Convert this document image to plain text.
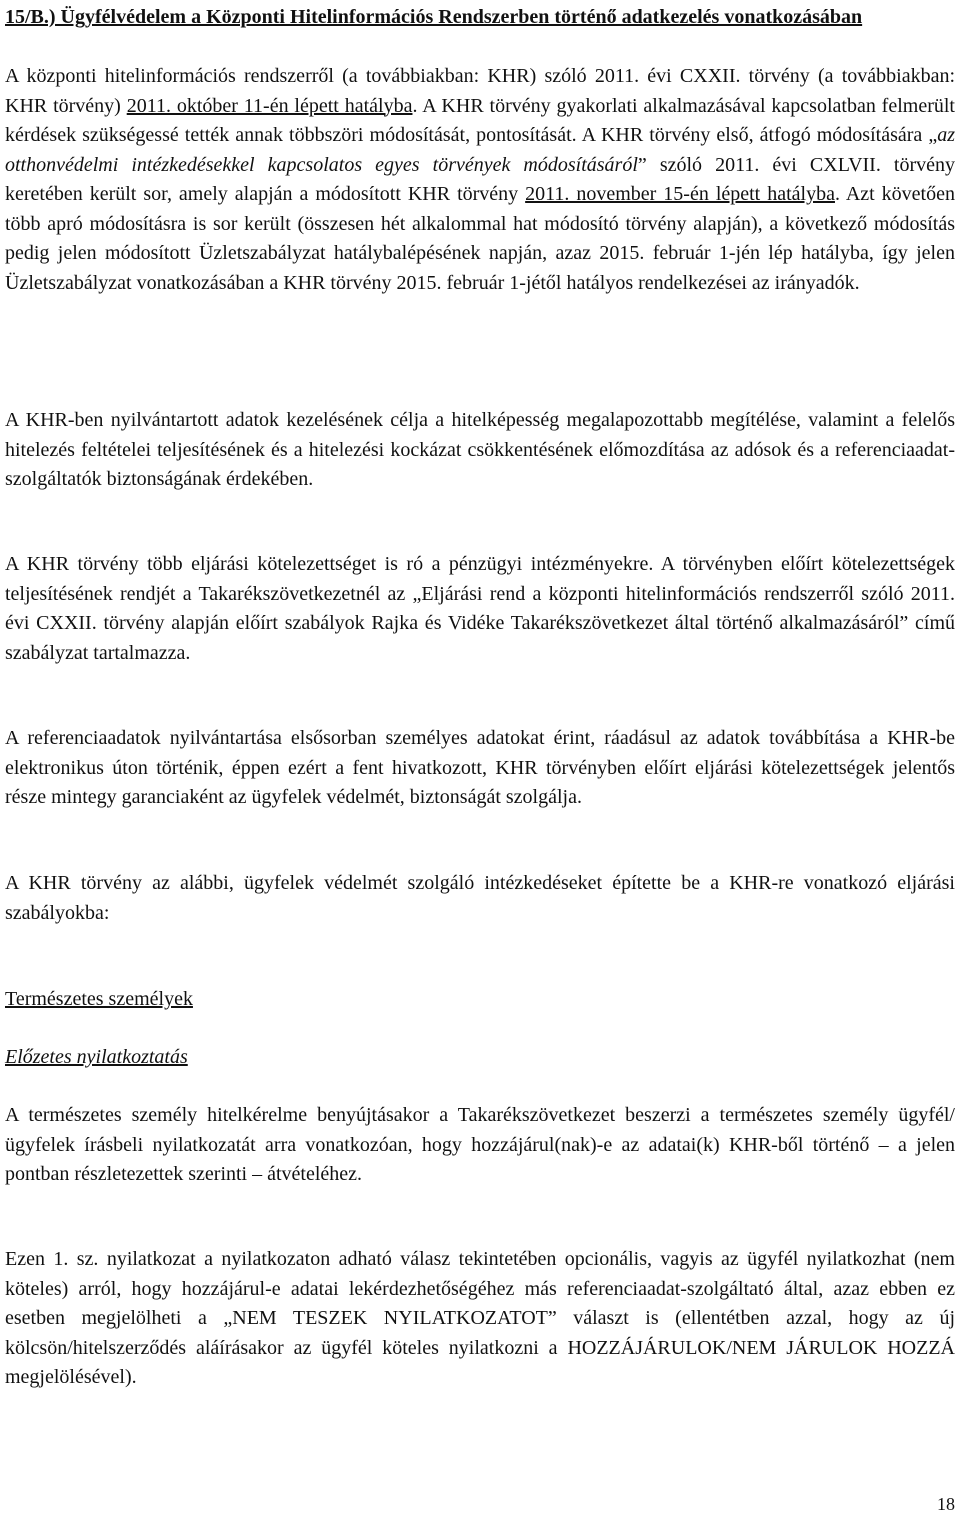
15/B.) Ügyfélvédelem a Központi Hitelinformációs Rendszerben történő adatkezelés vonatkozásában
A központi hitelinformációs rendszerről (a továbbiakban: KHR) szóló 2011. évi CXXII. törvény (a továbbiakban: KHR törvény) 2011. október 11-én lépett hatályba. A KHR törvény gyakorlati alkalmazásával kapcsolatban felmerült kérdések szükségessé tették annak többszöri módosítását, pontosítását. A KHR törvény első, átfogó módosítására „az otthonvédelmi intézkedésekkel kapcsolatos egyes törvények módosításáról” szóló 2011. évi CXLVII. törvény keretében került sor, amely alapján a módosított KHR törvény 2011. november 15-én lépett hatályba. Azt követően több apró módosításra is sor került (összesen hét alkalommal hat módosító törvény alapján), a következő módosítás pedig jelen módosított Üzletszabályzat hatálybalépésének napján, azaz 2015. február 1-jén lép hatályba, így jelen Üzletszabályzat vonatkozásában a KHR törvény 2015. február 1-jétől hatályos rendelkezései az irányadók.
A KHR-ben nyilvántartott adatok kezelésének célja a hitelképesség megalapozottabb megítélése, valamint a felelős hitelezés feltételei teljesítésének és a hitelezési kockázat csökkentésének előmozdítása az adósok és a referenciaadat-szolgáltatók biztonságának érdekében.
A KHR törvény több eljárási kötelezettséget is ró a pénzügyi intézményekre. A törvényben előírt kötelezettségek teljesítésének rendjét a Takarékszövetkezetnél az „Eljárási rend a központi hitelinformációs rendszerről szóló 2011. évi CXXII. törvény alapján előírt szabályok Rajka és Vidéke Takarékszövetkezet által történő alkalmazásáról” című szabályzat tartalmazza.
A referenciaadatok nyilvántartása elsősorban személyes adatokat érint, ráadásul az adatok továbbítása a KHR-be elektronikus úton történik, éppen ezért a fent hivatkozott, KHR törvényben előírt eljárási kötelezettségek jelentős része mintegy garanciaként az ügyfelek védelmét, biztonságát szolgálja.
A KHR törvény az alábbi, ügyfelek védelmét szolgáló intézkedéseket építette be a KHR-re vonatkozó eljárási szabályokba:
Természetes személyek
Előzetes nyilatkoztatás
A természetes személy hitelkérelme benyújtásakor a Takarékszövetkezet beszerzi a természetes személy ügyfél/ügyfelek írásbeli nyilatkozatát arra vonatkozóan, hogy hozzájárul(nak)-e az adatai(k) KHR-ből történő – a jelen pontban részletezettek szerinti – átvételéhez.
Ezen 1. sz. nyilatkozat a nyilatkozaton adható válasz tekintetében opcionális, vagyis az ügyfél nyilatkozhat (nem köteles) arról, hogy hozzájárul-e adatai lekérdezhetőségéhez más referenciaadat-szolgáltató által, azaz ebben ez esetben megjelölheti a „NEM TESZEK NYILATKOZATOT” választ is (ellentétben azzal, hogy az új kölcsön/hitelszerződés aláírásakor az ügyfél köteles nyilatkozni a HOZZÁJÁRULOK/NEM JÁRULOK HOZZÁ megjelölésével).
18
